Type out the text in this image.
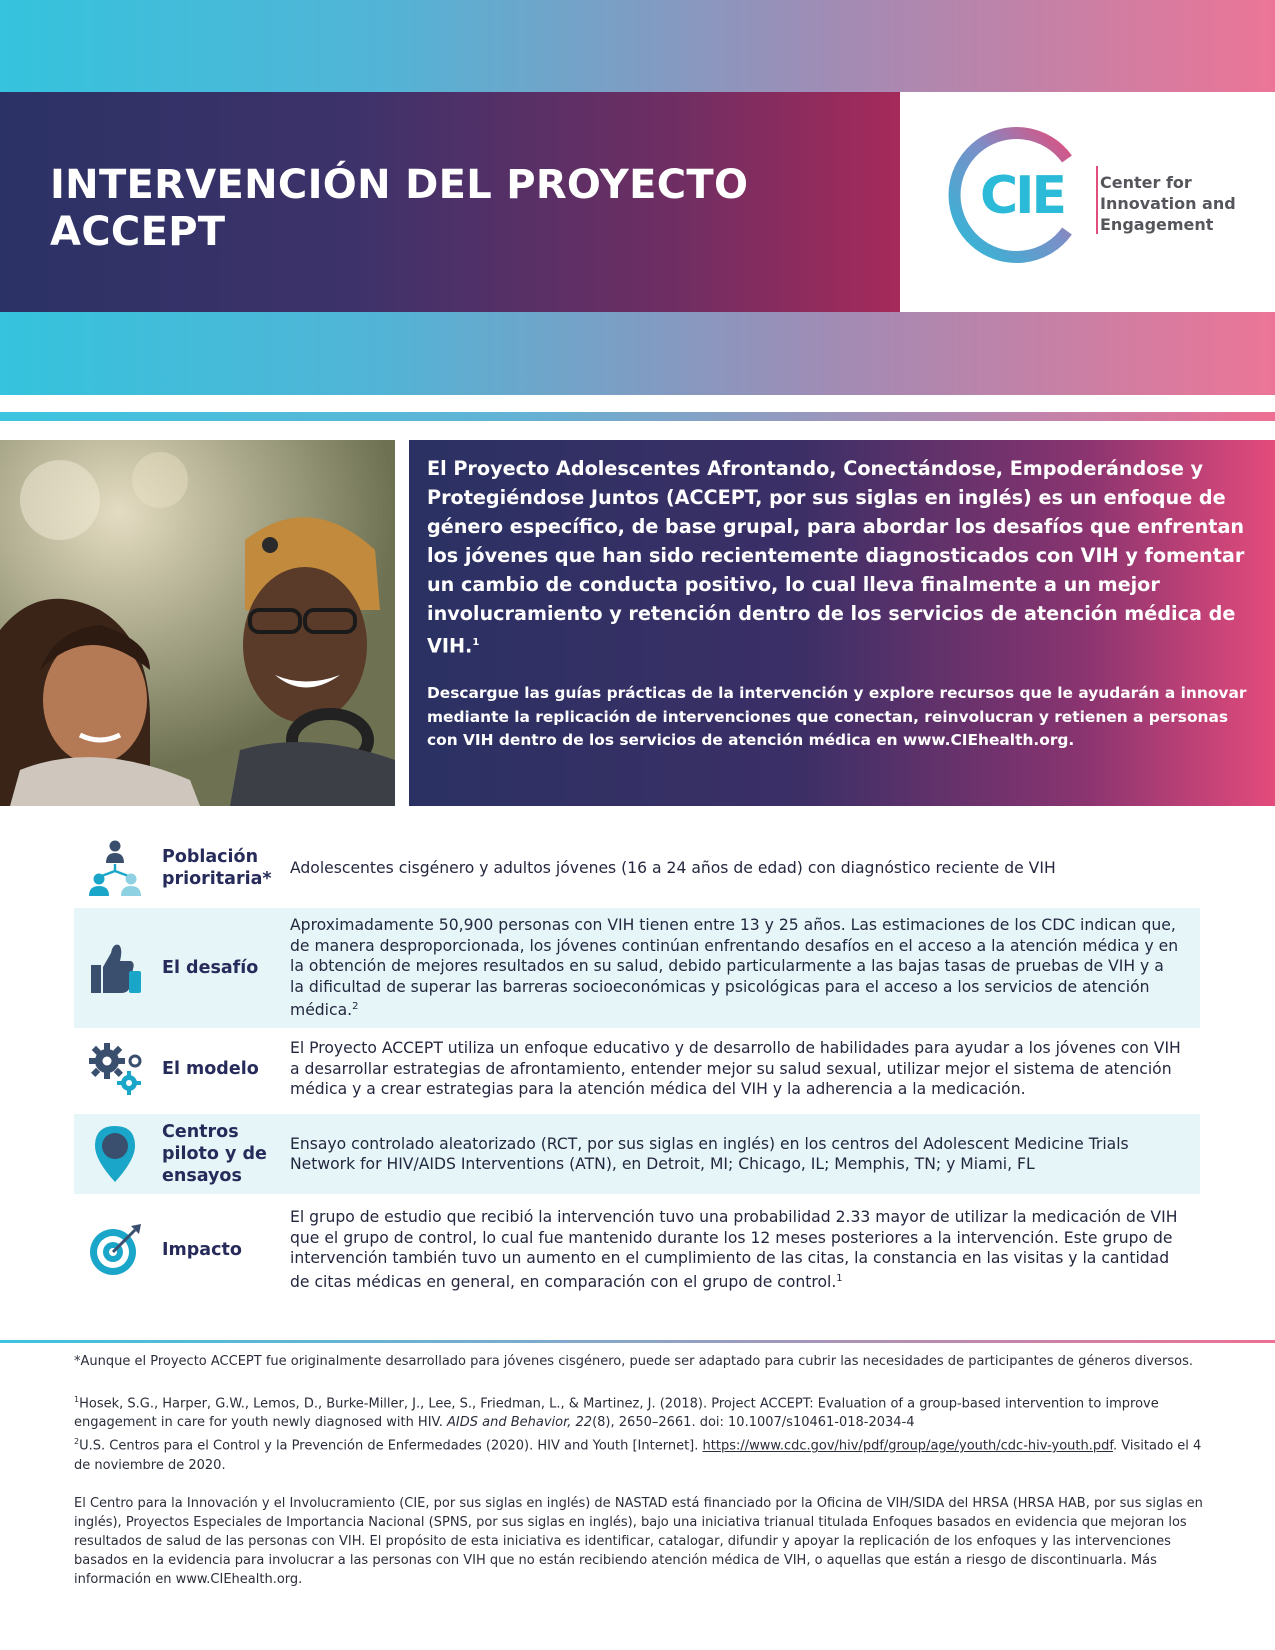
INTERVENCIÓN DEL PROYECTO ACCEPT
CIE Center for Innovation and Engagement

El Proyecto Adolescentes Afrontando, Conectándose, Empoderándose y Protegiéndose Juntos (ACCEPT, por sus siglas en inglés) es un enfoque de género específico, de base grupal, para abordar los desafíos que enfrentan los jóvenes que han sido recientemente diagnosticados con VIH y fomentar un cambio de conducta positivo, lo cual lleva finalmente a un mejor involucramiento y retención dentro de los servicios de atención médica de VIH.$^1$

Descargue las guías prácticas de la intervención y explore recursos que le ayudarán a innovar mediante la replicación de intervenciones que conectan, reinvolucran y retienen a personas con VIH dentro de los servicios de atención médica en www.CIEhealth.org.

Población prioritaria*
Adolescentes cisgénero y adultos jóvenes (16 a 24 años de edad) con diagnóstico reciente de VIH
El desafío
Aproximadamente 50,900 personas con VIH tienen entre 13 y 25 años. Las estimaciones de los CDC indican que, de manera desproporcionada, los jóvenes continúan enfrentando desafíos en el acceso a la atención médica y en la obtención de mejores resultados en su salud, debido particularmente a las bajas tasas de pruebas de VIH y a la dificultad de superar las barreras socioeconómicas y psicológicas para el acceso a los servicios de atención médica.$^2$
El modelo
El Proyecto ACCEPT utiliza un enfoque educativo y de desarrollo de habilidades para ayudar a los jóvenes con VIH a desarrollar estrategias de afrontamiento, entender mejor su salud sexual, utilizar mejor el sistema de atención médica y a crear estrategias para la atención médica del VIH y la adherencia a la medicación.
Centros piloto y de ensayos
Ensayo controlado aleatorizado (RCT, por sus siglas en inglés) en los centros del Adolescent Medicine Trials Network for HIV/AIDS Interventions (ATN), en Detroit, MI; Chicago, IL; Memphis, TN; y Miami, FL
Impacto
El grupo de estudio que recibió la intervención tuvo una probabilidad 2.33 mayor de utilizar la medicación de VIH que el grupo de control, lo cual fue mantenido durante los 12 meses posteriores a la intervención. Este grupo de intervención también tuvo un aumento en el cumplimiento de las citas, la constancia en las visitas y la cantidad de citas médicas en general, en comparación con el grupo de control.$^1$

*Aunque el Proyecto ACCEPT fue originalmente desarrollado para jóvenes cisgénero, puede ser adaptado para cubrir las necesidades de participantes de géneros diversos.

$^1$Hosek, S.G., Harper, G.W., Lemos, D., Burke-Miller, J., Lee, S., Friedman, L., & Martinez, J. (2018). Project ACCEPT: Evaluation of a group-based intervention to improve engagement in care for youth newly diagnosed with HIV. AIDS and Behavior, 22(8), 2650–2661. doi: 10.1007/s10461-018-2034-4

$^2$U.S. Centros para el Control y la Prevención de Enfermedades (2020). HIV and Youth [Internet]. https://www.cdc.gov/hiv/pdf/group/age/youth/cdc-hiv-youth.pdf. Visitado el 4 de noviembre de 2020.

El Centro para la Innovación y el Involucramiento (CIE, por sus siglas en inglés) de NASTAD está financiado por la Oficina de VIH/SIDA del HRSA (HRSA HAB, por sus siglas en inglés), Proyectos Especiales de Importancia Nacional (SPNS, por sus siglas en inglés), bajo una iniciativa trianual titulada Enfoques basados en evidencia que mejoran los resultados de salud de las personas con VIH. El propósito de esta iniciativa es identificar, catalogar, difundir y apoyar la replicación de los enfoques y las intervenciones basados en la evidencia para involucrar a las personas con VIH que no están recibiendo atención médica de VIH, o aquellas que están a riesgo de discontinuarla. Más información en www.CIEhealth.org.
